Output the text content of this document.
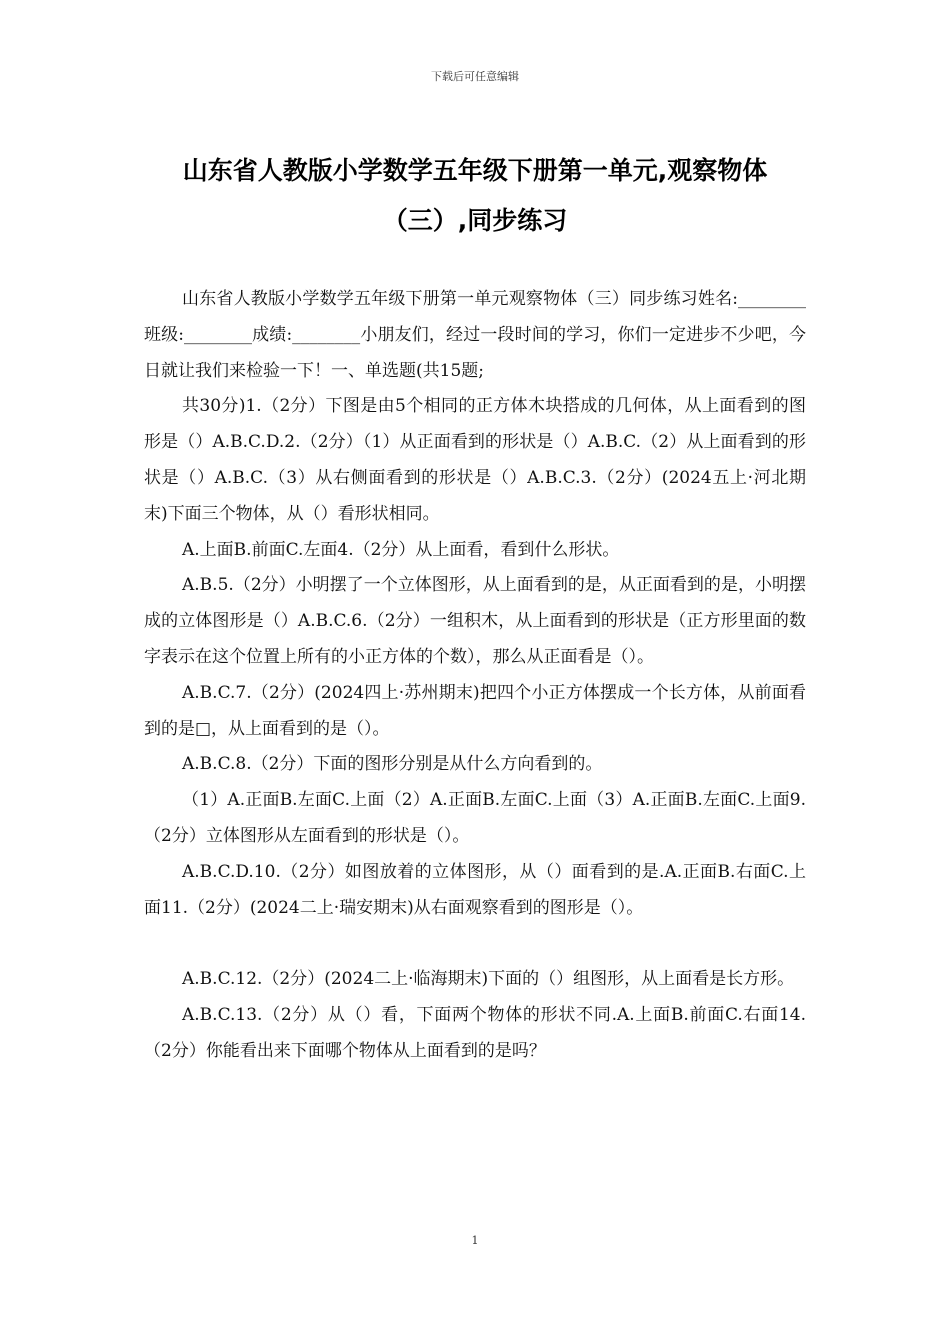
下载后可任意编辑
山东省人教版小学数学五年级下册第一单元,观察物体
（三）,同步练习

山东省人教版小学数学五年级下册第一单元观察物体（三）同步练习姓名:________班级:________成绩:________小朋友们，经过一段时间的学习，你们一定进步不少吧，今日就让我们来检验一下！一、单选题(共15题;

共30分)1.（2分）下图是由5个相同的正方体木块搭成的几何体，从上面看到的图形是（）A.B.C.D.2.（2分）（1）从正面看到的形状是（）A.B.C.（2）从上面看到的形状是（）A.B.C.（3）从右侧面看到的形状是（）A.B.C.3.（2分）(2024五上·河北期末)下面三个物体，从（）看形状相同。

A.上面B.前面C.左面4.（2分）从上面看，看到什么形状。

A.B.5.（2分）小明摆了一个立体图形，从上面看到的是，从正面看到的是，小明摆成的立体图形是（）A.B.C.6.（2分）一组积木，从上面看到的形状是（正方形里面的数字表示在这个位置上所有的小正方体的个数），那么从正面看是（）。

A.B.C.7.（2分）(2024四上·苏州期末)把四个小正方体摆成一个长方体，从前面看到的是□，从上面看到的是（）。

A.B.C.8.（2分）下面的图形分别是从什么方向看到的。

（1）A.正面B.左面C.上面（2）A.正面B.左面C.上面（3）A.正面B.左面C.上面9.（2分）立体图形从左面看到的形状是（）。

A.B.C.D.10.（2分）如图放着的立体图形，从（）面看到的是.A.正面B.右面C.上面11.（2分）(2024二上·瑞安期末)从右面观察看到的图形是（）。

A.B.C.12.（2分）(2024二上·临海期末)下面的（）组图形，从上面看是长方形。

A.B.C.13.（2分）从（）看，下面两个物体的形状不同.A.上面B.前面C.右面14.（2分）你能看出来下面哪个物体从上面看到的是吗？

1
